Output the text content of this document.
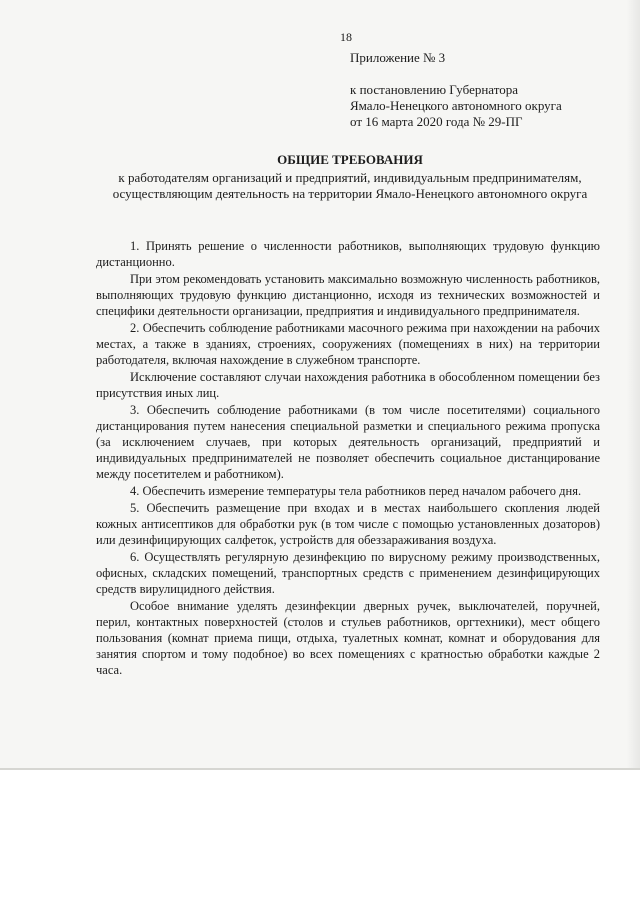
18
Приложение № 3
к постановлению Губернатора
Ямало-Ненецкого автономного округа
от 16 марта 2020 года № 29-ПГ
ОБЩИЕ ТРЕБОВАНИЯ
к работодателям организаций и предприятий, индивидуальным предпринимателям, осуществляющим деятельность на территории Ямало-Ненецкого автономного округа

1. Принять решение о численности работников, выполняющих трудовую функцию дистанционно.

При этом рекомендовать установить максимально возможную численность работников, выполняющих трудовую функцию дистанционно, исходя из технических возможностей и специфики деятельности организации, предприятия и индивидуального предпринимателя.

2. Обеспечить соблюдение работниками масочного режима при нахождении на рабочих местах, а также в зданиях, строениях, сооружениях (помещениях в них) на территории работодателя, включая нахождение в служебном транспорте.

Исключение составляют случаи нахождения работника в обособленном помещении без присутствия иных лиц.

3. Обеспечить соблюдение работниками (в том числе посетителями) социального дистанцирования путем нанесения специальной разметки и специального режима пропуска (за исключением случаев, при которых деятельность организаций, предприятий и индивидуальных предпринимателей не позволяет обеспечить социальное дистанцирование между посетителем и работником).

4. Обеспечить измерение температуры тела работников перед началом рабочего дня.

5. Обеспечить размещение при входах и в местах наибольшего скопления людей кожных антисептиков для обработки рук (в том числе с помощью установленных дозаторов) или дезинфицирующих салфеток, устройств для обеззараживания воздуха.

6. Осуществлять регулярную дезинфекцию по вирусному режиму производственных, офисных, складских помещений, транспортных средств с применением дезинфицирующих средств вирулицидного действия.

Особое внимание уделять дезинфекции дверных ручек, выключателей, поручней, перил, контактных поверхностей (столов и стульев работников, оргтехники), мест общего пользования (комнат приема пищи, отдыха, туалетных комнат, комнат и оборудования для занятия спортом и тому подобное) во всех помещениях с кратностью обработки каждые 2 часа.
